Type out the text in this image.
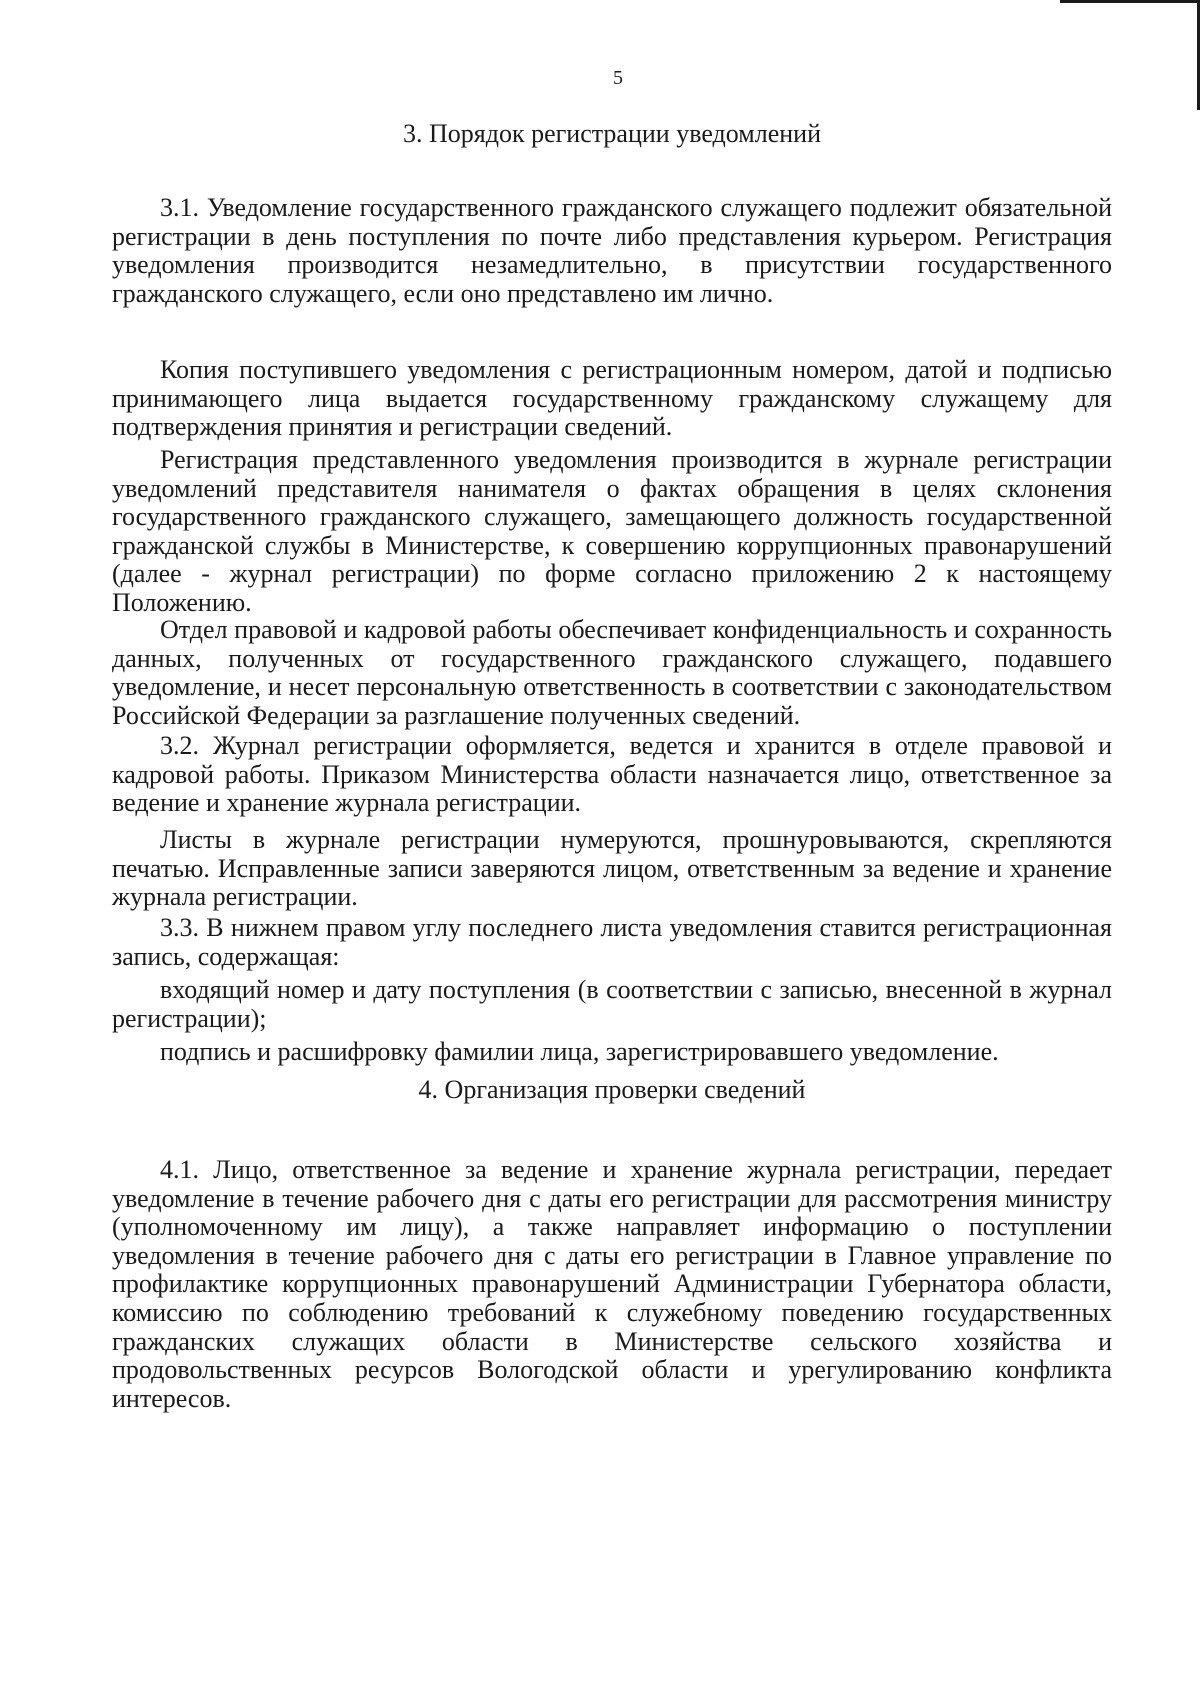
5
3. Порядок регистрации уведомлений

3.1. Уведомление государственного гражданского служащего подлежит обязательной регистрации в день поступления по почте либо представления курьером. Регистрация уведомления производится незамедлительно, в присутствии государственного гражданского служащего, если оно представлено им лично.

Копия поступившего уведомления с регистрационным номером, датой и подписью принимающего лица выдается государственному гражданскому служащему для подтверждения принятия и регистрации сведений.

Регистрация представленного уведомления производится в журнале регистрации уведомлений представителя нанимателя о фактах обращения в целях склонения государственного гражданского служащего, замещающего должность государственной гражданской службы в Министерстве, к совершению коррупционных правонарушений (далее - журнал регистрации) по форме согласно приложению 2 к настоящему Положению.

Отдел правовой и кадровой работы обеспечивает конфиденциальность и сохранность данных, полученных от государственного гражданского служащего, подавшего уведомление, и несет персональную ответственность в соответствии с законодательством Российской Федерации за разглашение полученных сведений.

3.2. Журнал регистрации оформляется, ведется и хранится в отделе правовой и кадровой работы. Приказом Министерства области назначается лицо, ответственное за ведение и хранение журнала регистрации.

Листы в журнале регистрации нумеруются, прошнуровываются, скрепляются печатью. Исправленные записи заверяются лицом, ответственным за ведение и хранение журнала регистрации.

3.3. В нижнем правом углу последнего листа уведомления ставится регистрационная запись, содержащая:

входящий номер и дату поступления (в соответствии с записью, внесенной в журнал регистрации);

подпись и расшифровку фамилии лица, зарегистрировавшего уведомление.

4. Организация проверки сведений

4.1. Лицо, ответственное за ведение и хранение журнала регистрации, передает уведомление в течение рабочего дня с даты его регистрации для рассмотрения министру (уполномоченному им лицу), а также направляет информацию о поступлении уведомления в течение рабочего дня с даты его регистрации в Главное управление по профилактике коррупционных правонарушений Администрации Губернатора области, комиссию по соблюдению требований к служебному поведению государственных гражданских служащих области в Министерстве сельского хозяйства и продовольственных ресурсов Вологодской области и урегулированию конфликта интересов.
